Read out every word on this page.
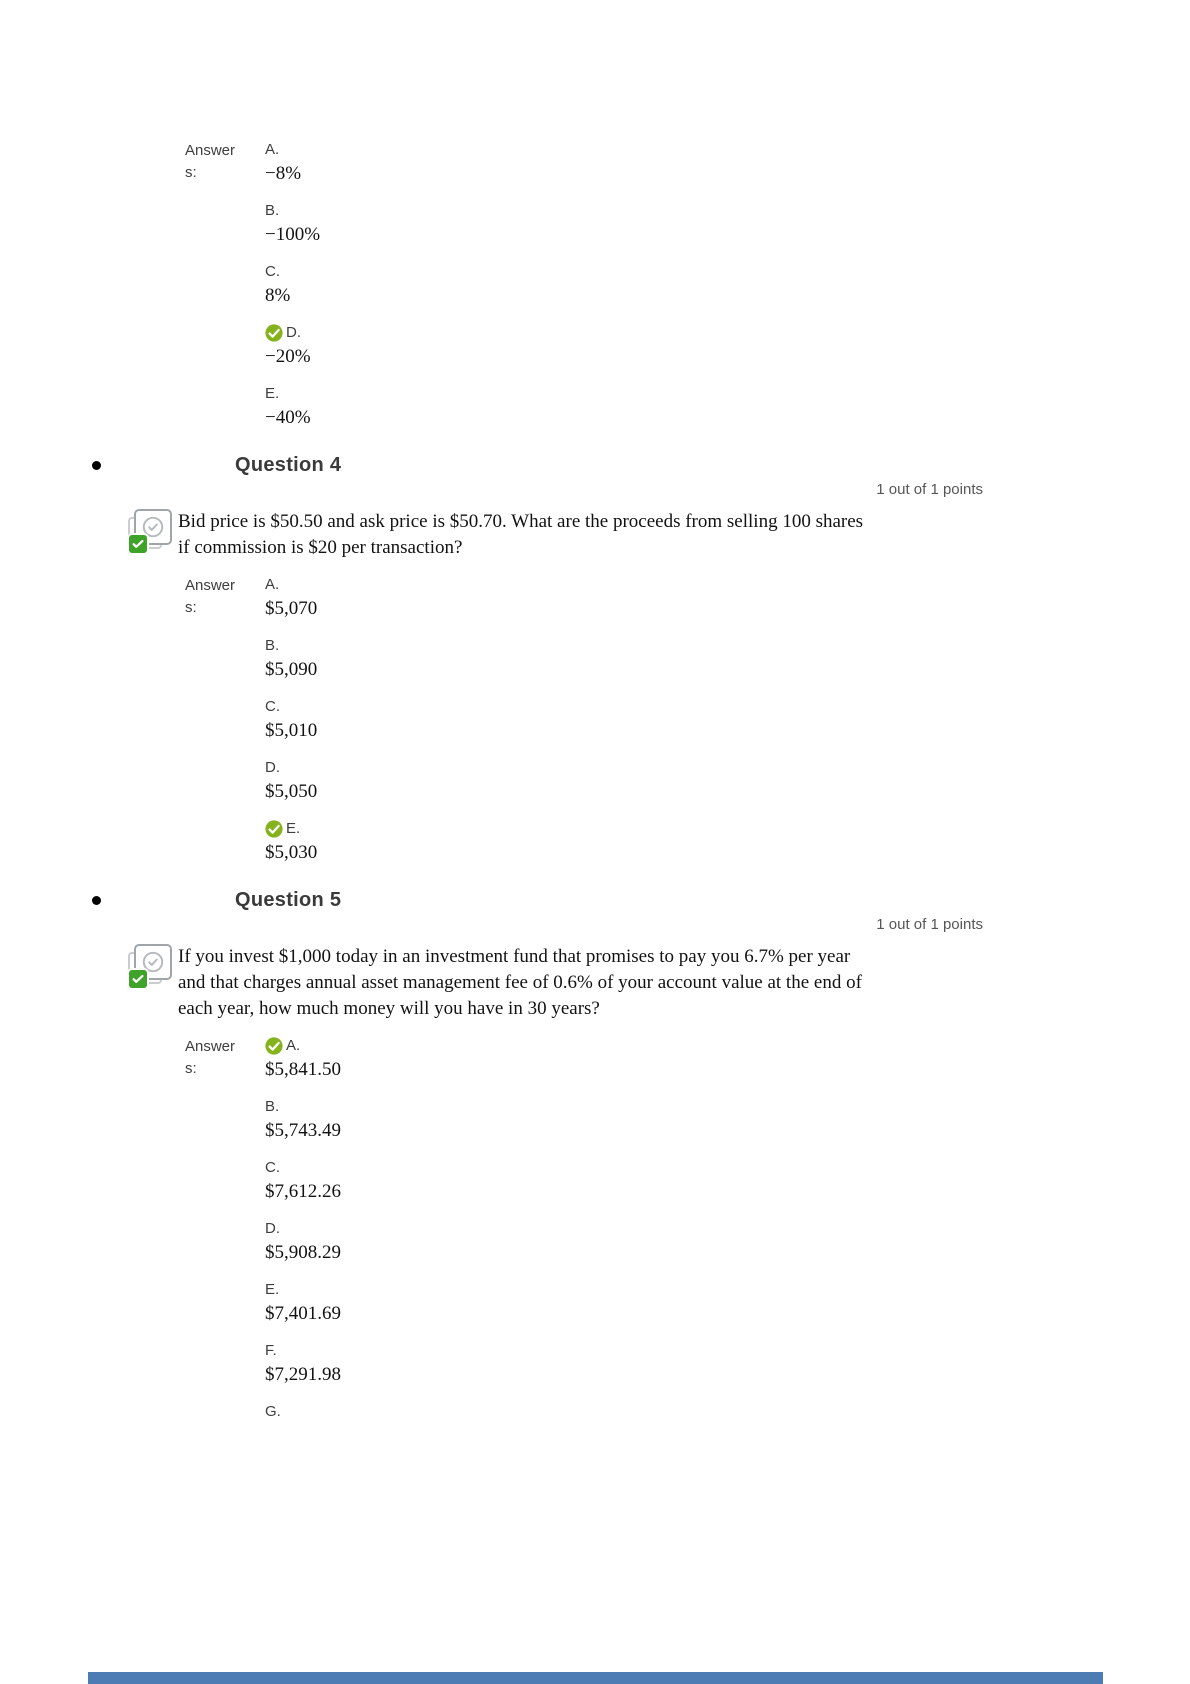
Answers:
A.
−8%
B.
−100%
C.
8%
D.
−20%
E.
−40%
Question 4
1 out of 1 points

Bid price is $50.50 and ask price is $50.70. What are the proceeds from selling 100 shares if commission is $20 per transaction?

Answers:
A.
$5,070
B.
$5,090
C.
$5,010
D.
$5,050
E.
$5,030
Question 5
1 out of 1 points

If you invest $1,000 today in an investment fund that promises to pay you 6.7% per year and that charges annual asset management fee of 0.6% of your account value at the end of each year, how much money will you have in 30 years?

Answers:
A.
$5,841.50
B.
$5,743.49
C.
$7,612.26
D.
$5,908.29
E.
$7,401.69
F.
$7,291.98
G.
